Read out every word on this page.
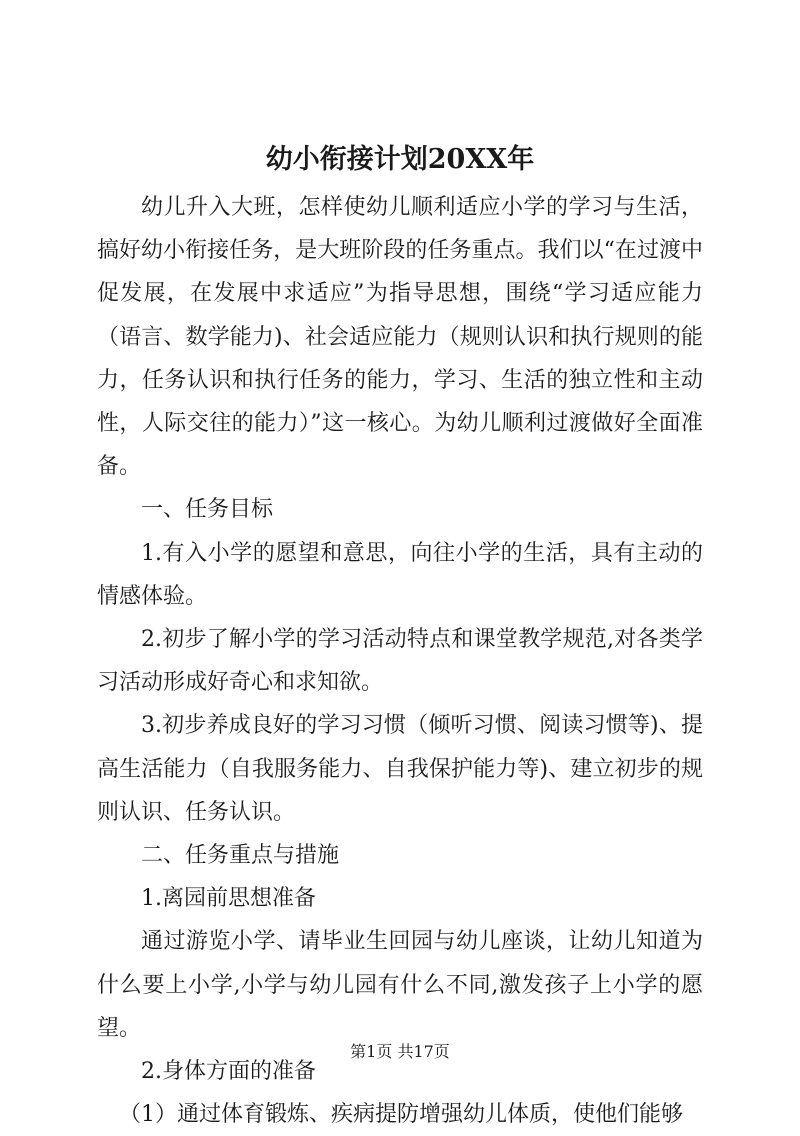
幼小衔接计划20XX年

幼儿升入大班，怎样使幼儿顺利适应小学的学习与生活，搞好幼小衔接任务，是大班阶段的任务重点。我们以“在过渡中促发展，在发展中求适应”为指导思想，围绕“学习适应能力（语言、数学能力)、社会适应能力（规则认识和执行规则的能力，任务认识和执行任务的能力，学习、生活的独立性和主动性，人际交往的能力）”这一核心。为幼儿顺利过渡做好全面准备。

一、任务目标

1.有入小学的愿望和意思，向往小学的生活，具有主动的情感体验。

2.初步了解小学的学习活动特点和课堂教学规范,对各类学习活动形成好奇心和求知欲。

3.初步养成良好的学习习惯（倾听习惯、阅读习惯等)、提高生活能力（自我服务能力、自我保护能力等)、建立初步的规则认识、任务认识。

二、任务重点与措施

1.离园前思想准备

通过游览小学、请毕业生回园与幼儿座谈，让幼儿知道为什么要上小学,小学与幼儿园有什么不同,激发孩子上小学的愿望。

2.身体方面的准备

（1）通过体育锻炼、疾病提防增强幼儿体质，使他们能够

第1页 共17页
